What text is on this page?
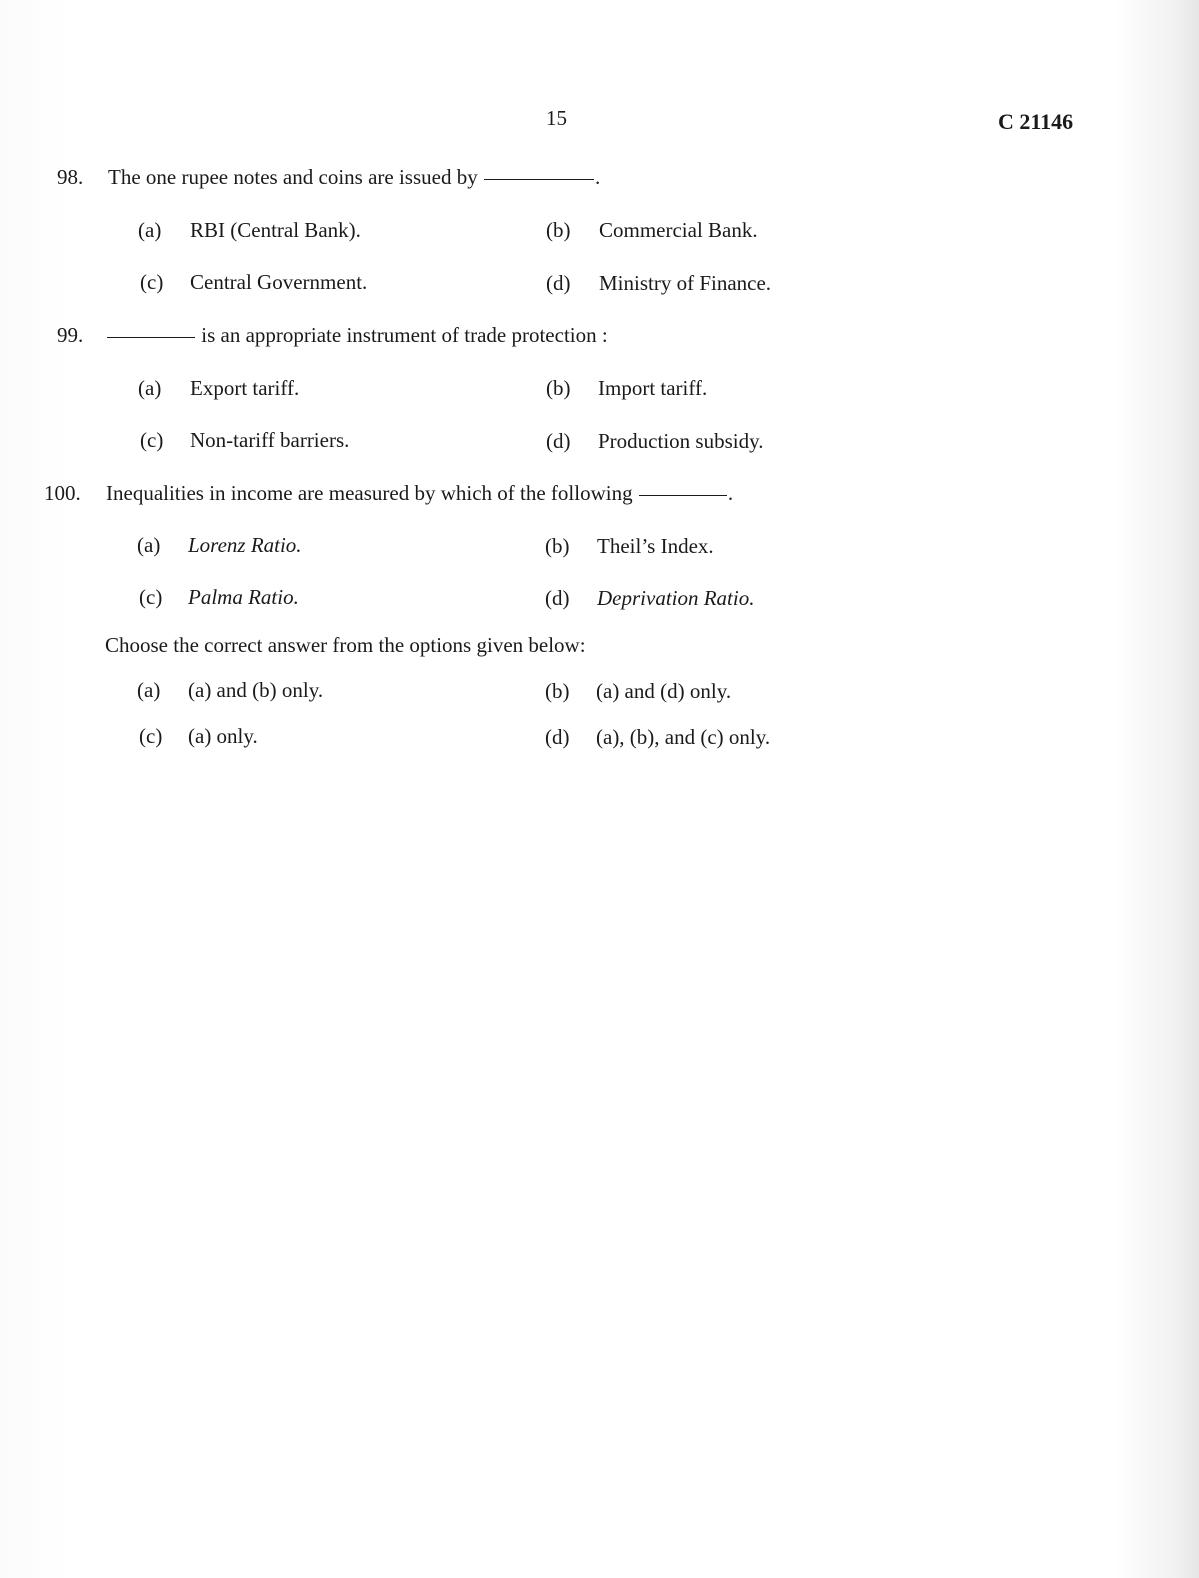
15	C 21146
98. The one rupee notes and coins are issued by	.
(a) RBI (Central Bank).	(b) Commercial Bank.
(c) Central Government.	(d) Ministry of Finance.
99.	is an appropriate instrument of trade protection :
(a) Export tariff.	(b) Import tariff.
(c) Non-tariff barriers.	(d) Production subsidy.
100. Inequalities in income are measured by which of the following	.
(a) Lorenz Ratio.	(b) Theil’s Index.
(c) Palma Ratio.	(d) Deprivation Ratio.
Choose the correct answer from the options given below:
(a) (a) and (b) only.	(b) (a) and (d) only.
(c) (a) only.	(d) (a), (b), and (c) only.
